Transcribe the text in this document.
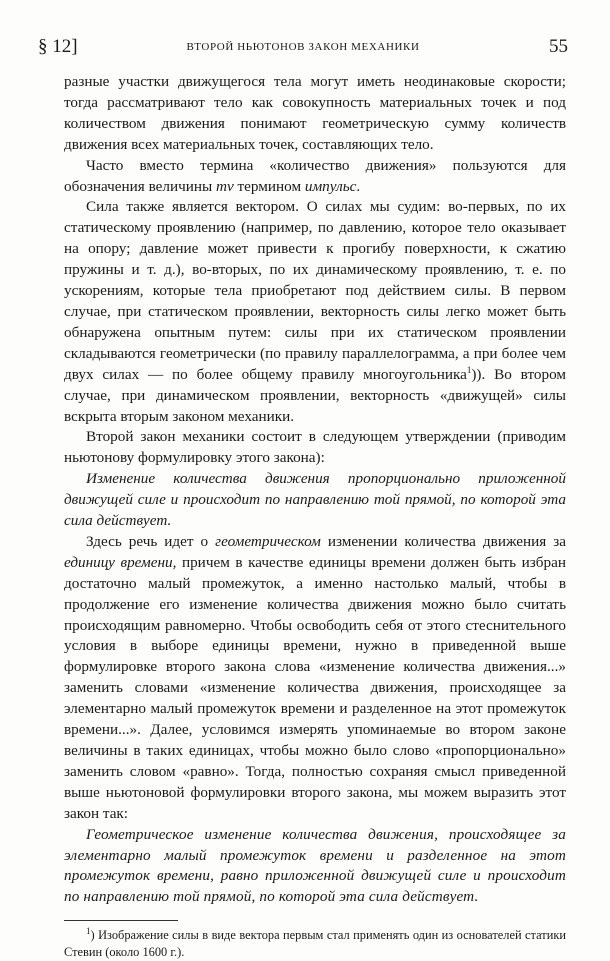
§ 12]	ВТОРОЙ НЬЮТОНОВ ЗАКОН МЕХАНИКИ	55

разные участки движущегося тела могут иметь неодинаковые скорости; тогда рассматривают тело как совокупность материальных точек и под количеством движения понимают геометрическую сумму количеств движения всех материальных точек, составляющих тело.

Часто вместо термина «количество движения» пользуются для обозначения величины mv термином импульс.

Сила также является вектором. О силах мы судим: во-первых, по их статическому проявлению (например, по давлению, которое тело оказывает на опору; давление может привести к прогибу поверхности, к сжатию пружины и т. д.), во-вторых, по их динамическому проявлению, т. е. по ускорениям, которые тела приобретают под действием силы. В первом случае, при статическом проявлении, векторность силы легко может быть обнаружена опытным путем: силы при их статическом проявлении складываются геометрически (по правилу параллелограмма, а при более чем двух силах — по более общему правилу многоугольника$^1$)). Во втором случае, при динамическом проявлении, векторность «движущей» силы вскрыта вторым законом механики.

Второй закон механики состоит в следующем утверждении (приводим ньютонову формулировку этого закона):

Изменение количества движения пропорционально приложенной движущей силе и происходит по направлению той прямой, по которой эта сила действует.

Здесь речь идет о геометрическом изменении количества движения за единицу времени, причем в качестве единицы времени должен быть избран достаточно малый промежуток, а именно настолько малый, чтобы в продолжение его изменение количества движения можно было считать происходящим равномерно. Чтобы освободить себя от этого стеснительного условия в выборе единицы времени, нужно в приведенной выше формулировке второго закона слова «изменение количества движения...» заменить словами «изменение количества движения, происходящее за элементарно малый промежуток времени и разделенное на этот промежуток времени...». Далее, условимся измерять упоминаемые во втором законе величины в таких единицах, чтобы можно было слово «пропорционально» заменить словом «равно». Тогда, полностью сохраняя смысл приведенной выше ньютоновой формулировки второго закона, мы можем выразить этот закон так:

Геометрическое изменение количества движения, происходящее за элементарно малый промежуток времени и разделенное на этот промежуток времени, равно приложенной движущей силе и происходит по направлению той прямой, по которой эта сила действует.

$^1$) Изображение силы в виде вектора первым стал применять один из основателей статики Стевин (около 1600 г.).
